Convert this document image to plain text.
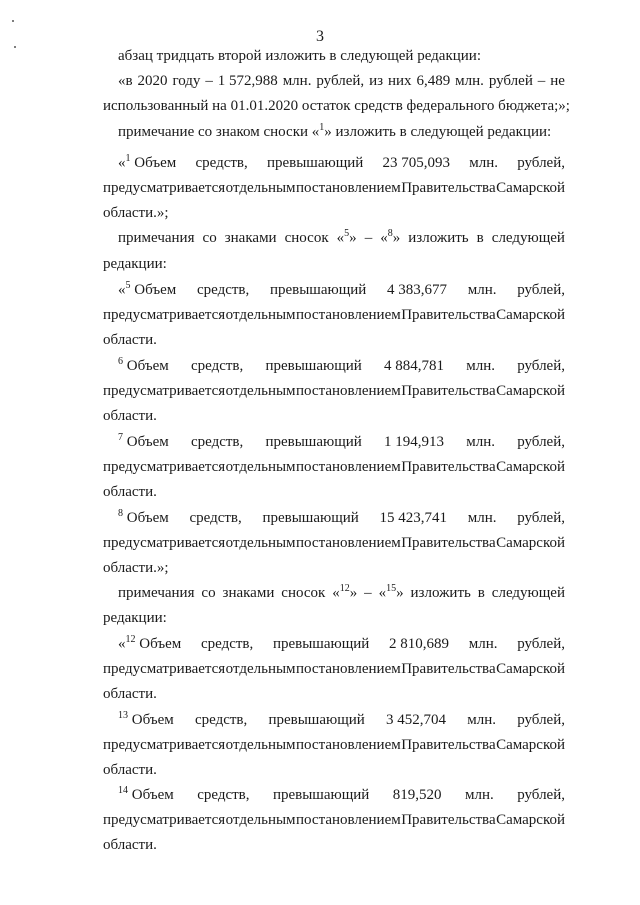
3
абзац тридцать второй изложить в следующей редакции:
«в 2020 году – 1 572,988 млн. рублей, из них 6,489 млн. рублей – не
использованный на 01.01.2020 остаток средств федерального бюджета;»;
примечание со знаком сноски «$^1$» изложить в следующей редакции:
«$^1$ Объем средств, превышающий 23 705,093 млн. рублей,
предусматривается отдельным постановлением Правительства Самарской
области.»;
примечания со знаками сносок «$^5$» – «$^8$» изложить в следующей
редакции:
«$^5$ Объем средств, превышающий 4 383,677 млн. рублей,
предусматривается отдельным постановлением Правительства Самарской
области.
$^6$ Объем средств, превышающий 4 884,781 млн. рублей,
предусматривается отдельным постановлением Правительства Самарской
области.
$^7$ Объем средств, превышающий 1 194,913 млн. рублей,
предусматривается отдельным постановлением Правительства Самарской
области.
$^8$ Объем средств, превышающий 15 423,741 млн. рублей,
предусматривается отдельным постановлением Правительства Самарской
области.»;
примечания со знаками сносок «$^{12}$» – «$^{15}$» изложить в следующей
редакции:
«$^{12}$ Объем средств, превышающий 2 810,689 млн. рублей,
предусматривается отдельным постановлением Правительства Самарской
области.
$^{13}$ Объем средств, превышающий 3 452,704 млн. рублей,
предусматривается отдельным постановлением Правительства Самарской
области.
$^{14}$ Объем средств, превышающий 819,520 млн. рублей,
предусматривается отдельным постановлением Правительства Самарской
области.
